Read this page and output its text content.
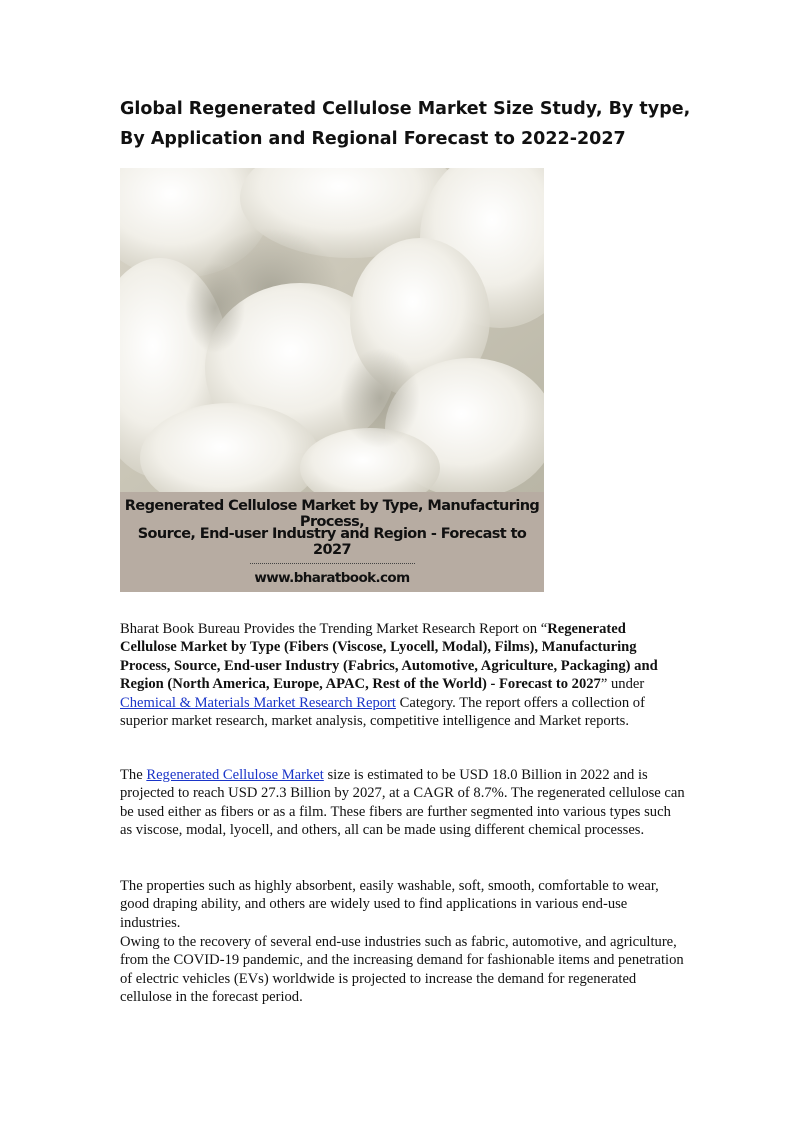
Global Regenerated Cellulose Market Size Study, By type, By Application and Regional Forecast to 2022-2027
Regenerated Cellulose Market by Type, Manufacturing Process,
Source, End-user Industry and Region - Forecast to 2027
www.bharatbook.com

Bharat Book Bureau Provides the Trending Market Research Report on “Regenerated Cellulose Market by Type (Fibers (Viscose, Lyocell, Modal), Films), Manufacturing Process, Source, End-user Industry (Fabrics, Automotive, Agriculture, Packaging) and Region (North America, Europe, APAC, Rest of the World) - Forecast to 2027” under Chemical & Materials Market Research Report Category. The report offers a collection of superior market research, market analysis, competitive intelligence and Market reports.

The Regenerated Cellulose Market size is estimated to be USD 18.0 Billion in 2022 and is projected to reach USD 27.3 Billion by 2027, at a CAGR of 8.7%. The regenerated cellulose can be used either as fibers or as a film. These fibers are further segmented into various types such as viscose, modal, lyocell, and others, all can be made using different chemical processes.

The properties such as highly absorbent, easily washable, soft, smooth, comfortable to wear, good draping ability, and others are widely used to find applications in various end-use industries.

Owing to the recovery of several end-use industries such as fabric, automotive, and agriculture, from the COVID-19 pandemic, and the increasing demand for fashionable items and penetration of electric vehicles (EVs) worldwide is projected to increase the demand for regenerated cellulose in the forecast period.
